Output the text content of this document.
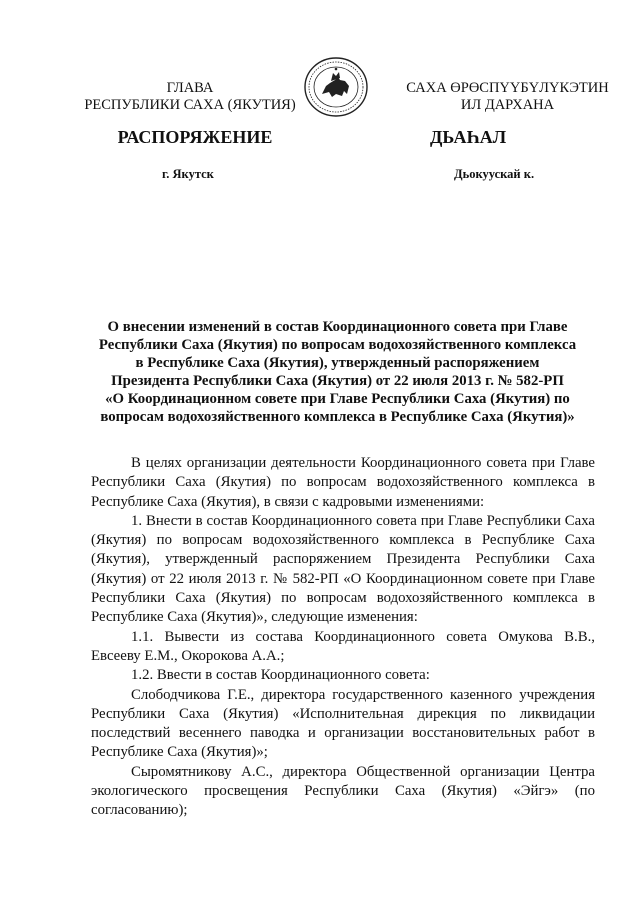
ГЛАВА
РЕСПУБЛИКИ САХА (ЯКУТИЯ)
САХА ӨРӨСПҮҮБҮЛҮКЭТИН
ИЛ ДАРХАНА
РАСПОРЯЖЕНИЕ	ДЬАҺАЛ
г. Якутск	Дьокуускай к.
О внесении изменений в состав Координационного совета при Главе
Республики Саха (Якутия) по вопросам водохозяйственного комплекса
в Республике Саха (Якутия), утвержденный распоряжением
Президента Республики Саха (Якутия) от 22 июля 2013 г. № 582-РП
«О Координационном совете при Главе Республики Саха (Якутия) по
вопросам водохозяйственного комплекса в Республике Саха (Якутия)»

В целях организации деятельности Координационного совета при Главе Республики Саха (Якутия) по вопросам водохозяйственного комплекса в Республике Саха (Якутия), в связи с кадровыми изменениями:

1. Внести в состав Координационного совета при Главе Республики Саха (Якутия) по вопросам водохозяйственного комплекса в Республике Саха (Якутия), утвержденный распоряжением Президента Республики Саха (Якутия) от 22 июля 2013 г. № 582-РП «О Координационном совете при Главе Республики Саха (Якутия) по вопросам водохозяйственного комплекса в Республике Саха (Якутия)», следующие изменения:

1.1. Вывести из состава Координационного совета Омукова В.В., Евсееву Е.М., Окорокова А.А.;

1.2. Ввести в состав Координационного совета:

Слободчикова Г.Е., директора государственного казенного учреждения Республики Саха (Якутия) «Исполнительная дирекция по ликвидации последствий весеннего паводка и организации восстановительных работ в Республике Саха (Якутия)»;

Сыромятникову А.С., директора Общественной организации Центра экологического просвещения Республики Саха (Якутия) «Эйгэ» (по согласованию);
